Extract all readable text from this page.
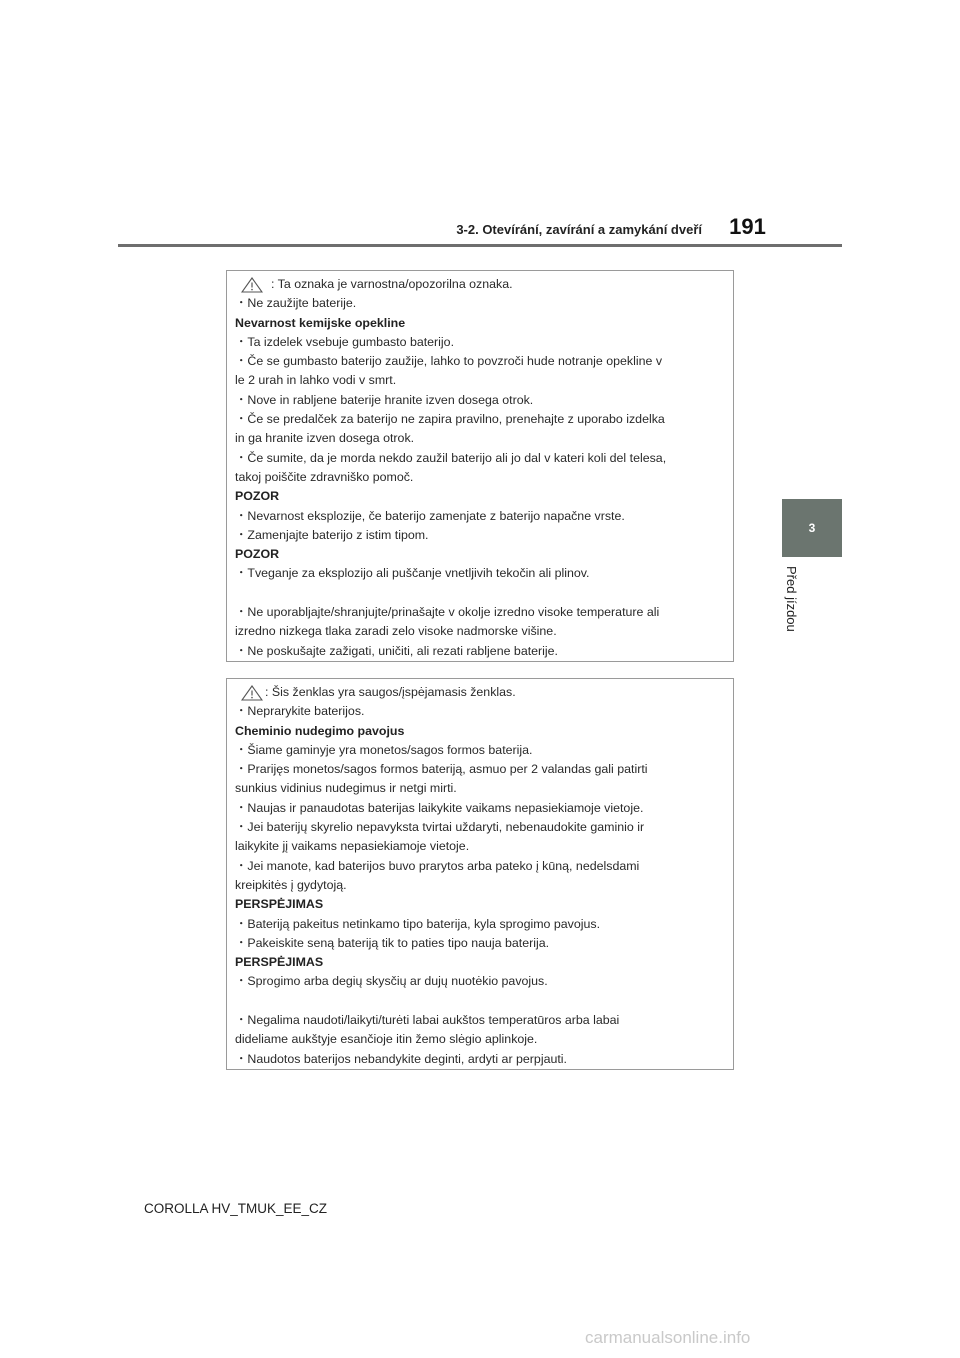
3-2. Otevírání, zavírání a zamykání dveří	191
3
Před jízdou
: Ta oznaka je varnostna/opozorilna oznaka.
・Ne zaužijte baterije.
Nevarnost kemijske opekline
・Ta izdelek vsebuje gumbasto baterijo.
・Če se gumbasto baterijo zaužije, lahko to povzroči hude notranje opekline v
le 2 urah in lahko vodi v smrt.
・Nove in rabljene baterije hranite izven dosega otrok.
・Če se predalček za baterijo ne zapira pravilno, prenehajte z uporabo izdelka
in ga hranite izven dosega otrok.
・Če sumite, da je morda nekdo zaužil baterijo ali jo dal v kateri koli del telesa,
takoj poiščite zdravniško pomoč.
POZOR
・Nevarnost eksplozije, če baterijo zamenjate z baterijo napačne vrste.
・Zamenjajte baterijo z istim tipom.
POZOR
・Tveganje za eksplozijo ali puščanje vnetljivih tekočin ali plinov.
・Ne uporabljajte/shranjujte/prinašajte v okolje izredno visoke temperature ali
izredno nizkega tlaka zaradi zelo visoke nadmorske višine.
・Ne poskušajte zažigati, uničiti, ali rezati rabljene baterije.
: Šis ženklas yra saugos/įspėjamasis ženklas.
・Neprarykite baterijos.
Cheminio nudegimo pavojus
・Šiame gaminyje yra monetos/sagos formos baterija.
・Prarijęs monetos/sagos formos bateriją, asmuo per 2 valandas gali patirti
sunkius vidinius nudegimus ir netgi mirti.
・Naujas ir panaudotas baterijas laikykite vaikams nepasiekiamoje vietoje.
・Jei baterijų skyrelio nepavyksta tvirtai uždaryti, nebenaudokite gaminio ir
laikykite jį vaikams nepasiekiamoje vietoje.
・Jei manote, kad baterijos buvo prarytos arba pateko į kūną, nedelsdami
kreipkitės į gydytoją.
PERSPĖJIMAS
・Bateriją pakeitus netinkamo tipo baterija, kyla sprogimo pavojus.
・Pakeiskite seną bateriją tik to paties tipo nauja baterija.
PERSPĖJIMAS
・Sprogimo arba degių skysčių ar dujų nuotėkio pavojus.
・Negalima naudoti/laikyti/turėti labai aukštos temperatūros arba labai
dideliame aukštyje esančioje itin žemo slėgio aplinkoje.
・Naudotos baterijos nebandykite deginti, ardyti ar perpjauti.
COROLLA HV_TMUK_EE_CZ
carmanualsonline.info
